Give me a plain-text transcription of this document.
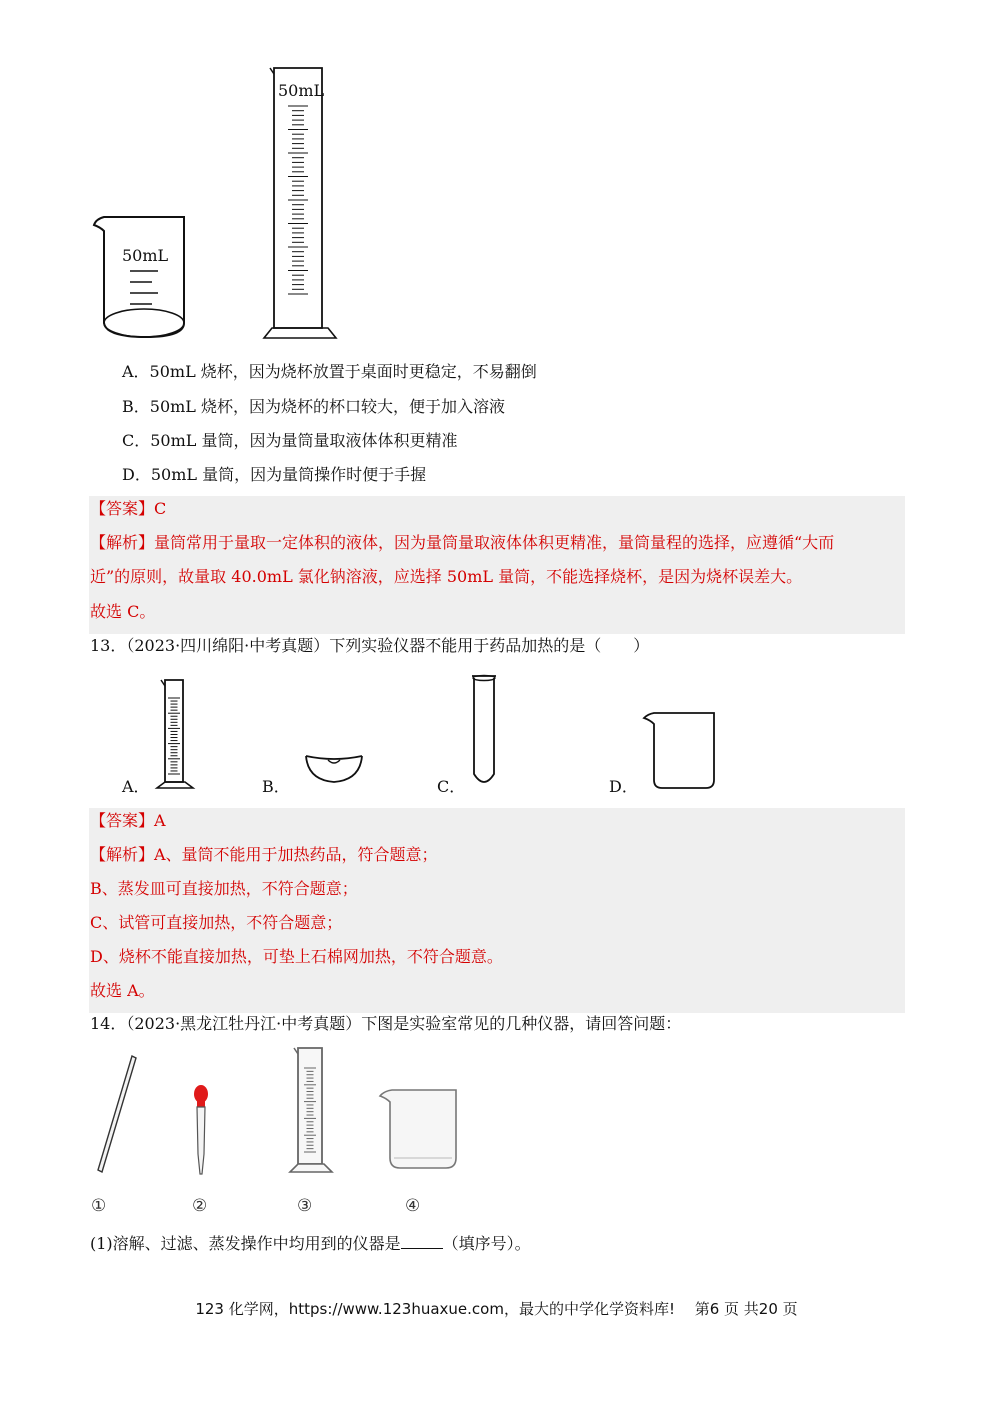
50mL
50mL
A．50mL 烧杯，因为烧杯放置于桌面时更稳定，不易翻倒
B．50mL 烧杯，因为烧杯的杯口较大，便于加入溶液
C．50mL 量筒，因为量筒量取液体体积更精准
D．50mL 量筒，因为量筒操作时便于手握
【答案】C
【解析】量筒常用于量取一定体积的液体，因为量筒量取液体体积更精准，量筒量程的选择，应遵循“大而
近”的原则，故量取 40.0mL 氯化钠溶液，应选择 50mL 量筒，不能选择烧杯，是因为烧杯误差大。
故选 C。
13．（2023·四川绵阳·中考真题）下列实验仪器不能用于药品加热的是（　　）
A．	B．	C．	D．
【答案】A
【解析】A、量筒不能用于加热药品，符合题意；
B、蒸发皿可直接加热，不符合题意；
C、试管可直接加热，不符合题意；
D、烧杯不能直接加热，可垫上石棉网加热，不符合题意。
故选 A。
14．（2023·黑龙江牡丹江·中考真题）下图是实验室常见的几种仪器，请回答问题：
①	②	③	④
(1)溶解、过滤、蒸发操作中均用到的仪器是	（填序号）。
123 化学网，https://www.123huaxue.com，最大的中学化学资料库!　 第6 页 共20 页
